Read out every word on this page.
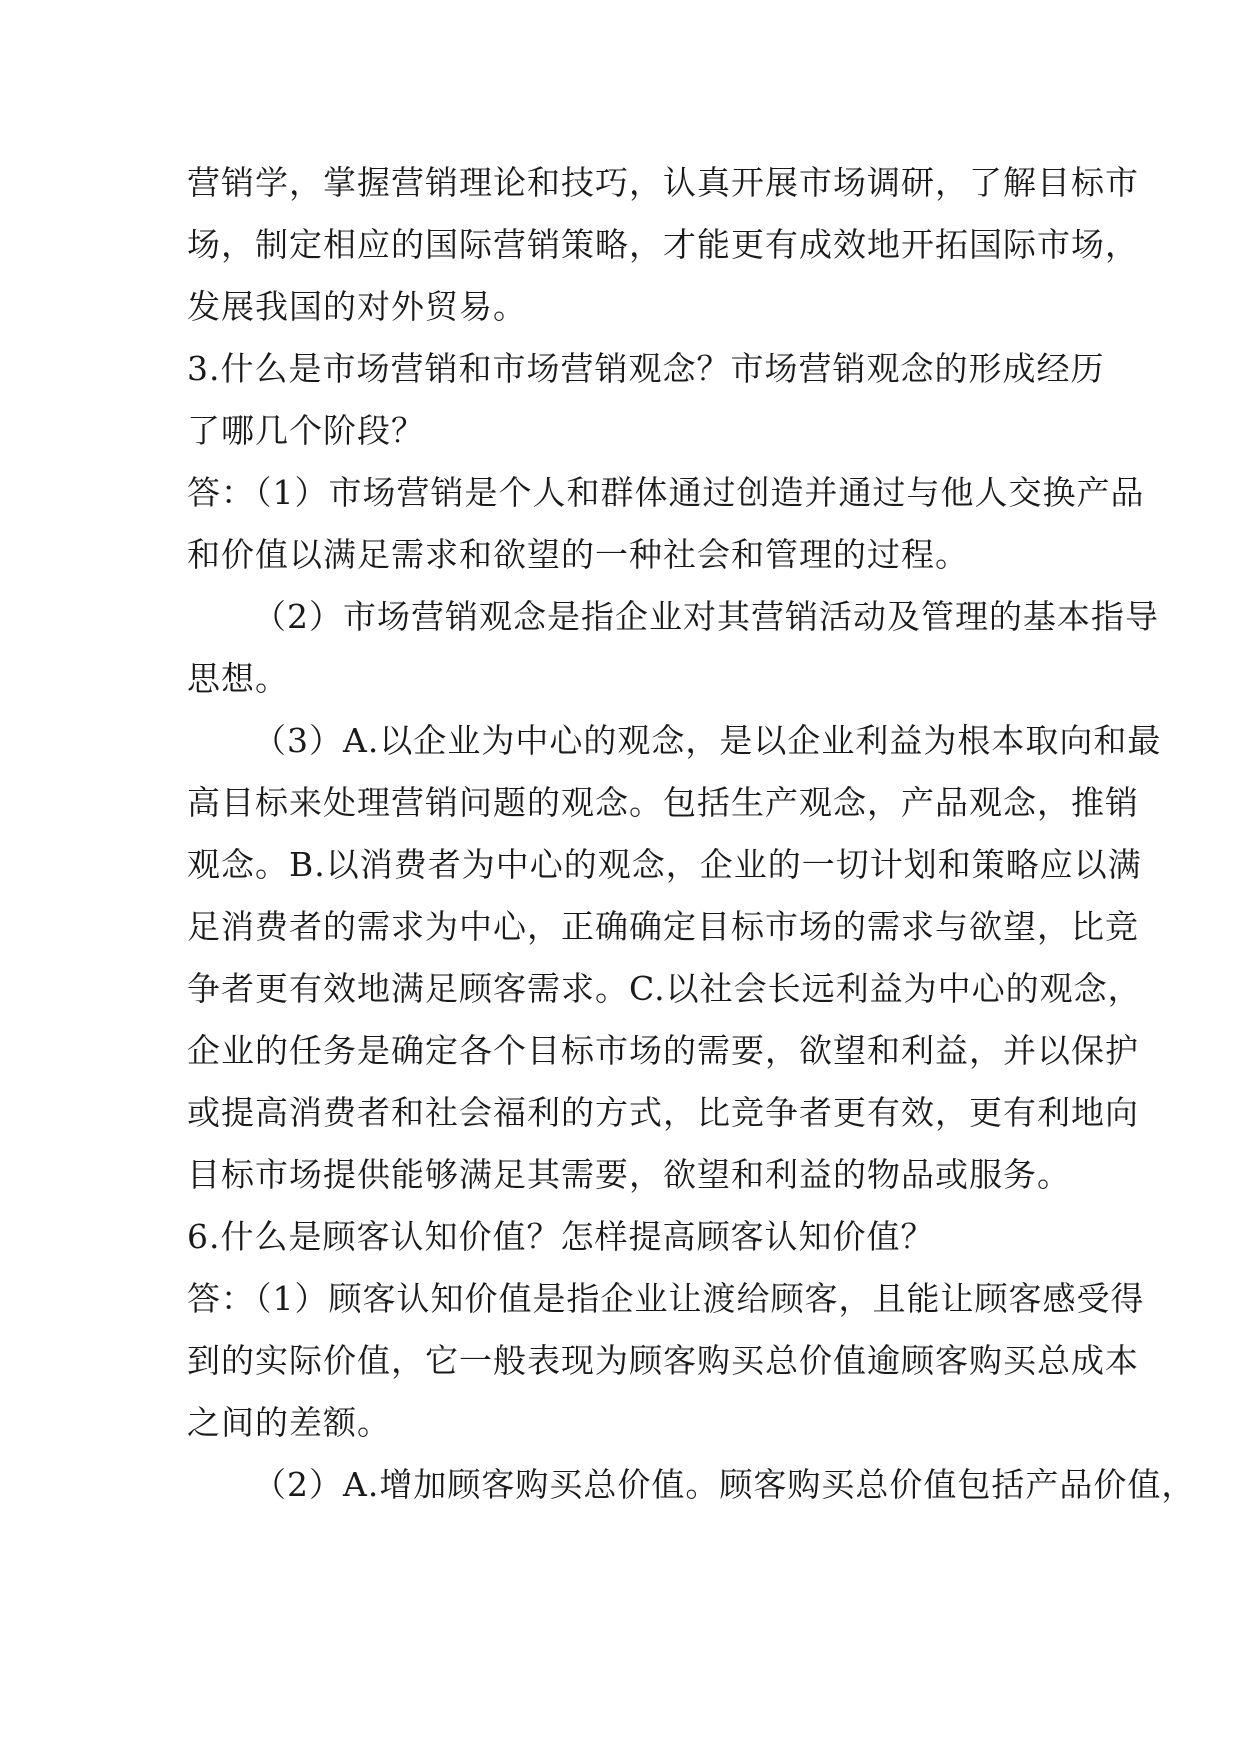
营销学，掌握营销理论和技巧，认真开展市场调研，了解目标市
场，制定相应的国际营销策略，才能更有成效地开拓国际市场，
发展我国的对外贸易。
3.什么是市场营销和市场营销观念？市场营销观念的形成经历
了哪几个阶段？
答：（1）市场营销是个人和群体通过创造并通过与他人交换产品
和价值以满足需求和欲望的一种社会和管理的过程。
（2）市场营销观念是指企业对其营销活动及管理的基本指导
思想。
（3）A.以企业为中心的观念，是以企业利益为根本取向和最
高目标来处理营销问题的观念。包括生产观念，产品观念，推销
观念。B.以消费者为中心的观念，企业的一切计划和策略应以满
足消费者的需求为中心，正确确定目标市场的需求与欲望，比竞
争者更有效地满足顾客需求。C.以社会长远利益为中心的观念，
企业的任务是确定各个目标市场的需要，欲望和利益，并以保护
或提高消费者和社会福利的方式，比竞争者更有效，更有利地向
目标市场提供能够满足其需要，欲望和利益的物品或服务。
6.什么是顾客认知价值？怎样提高顾客认知价值？
答：（1）顾客认知价值是指企业让渡给顾客，且能让顾客感受得
到的实际价值，它一般表现为顾客购买总价值逾顾客购买总成本
之间的差额。
（2）A.增加顾客购买总价值。顾客购买总价值包括产品价值，
